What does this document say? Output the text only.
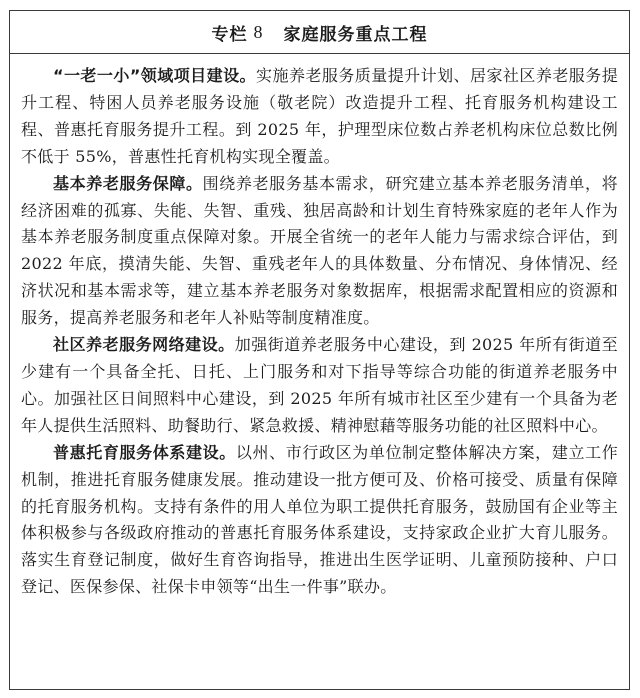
专栏 8 家庭服务重点工程

“一老一小”领域项目建设。实施养老服务质量提升计划、居家社区养老服务提升工程、特困人员养老服务设施（敬老院）改造提升工程、托育服务机构建设工程、普惠托育服务提升工程。到 2025 年，护理型床位数占养老机构床位总数比例不低于 55%，普惠性托育机构实现全覆盖。

基本养老服务保障。围绕养老服务基本需求，研究建立基本养老服务清单，将经济困难的孤寡、失能、失智、重残、独居高龄和计划生育特殊家庭的老年人作为基本养老服务制度重点保障对象。开展全省统一的老年人能力与需求综合评估，到 2022 年底，摸清失能、失智、重残老年人的具体数量、分布情况、身体情况、经济状况和基本需求等，建立基本养老服务对象数据库，根据需求配置相应的资源和服务，提高养老服务和老年人补贴等制度精准度。

社区养老服务网络建设。加强街道养老服务中心建设，到 2025 年所有街道至少建有一个具备全托、日托、上门服务和对下指导等综合功能的街道养老服务中心。加强社区日间照料中心建设，到 2025 年所有城市社区至少建有一个具备为老年人提供生活照料、助餐助行、紧急救援、精神慰藉等服务功能的社区照料中心。

普惠托育服务体系建设。以州、市行政区为单位制定整体解决方案，建立工作机制，推进托育服务健康发展。推动建设一批方便可及、价格可接受、质量有保障的托育服务机构。支持有条件的用人单位为职工提供托育服务，鼓励国有企业等主体积极参与各级政府推动的普惠托育服务体系建设，支持家政企业扩大育儿服务。落实生育登记制度，做好生育咨询指导，推进出生医学证明、儿童预防接种、户口登记、医保参保、社保卡申领等“出生一件事”联办。
